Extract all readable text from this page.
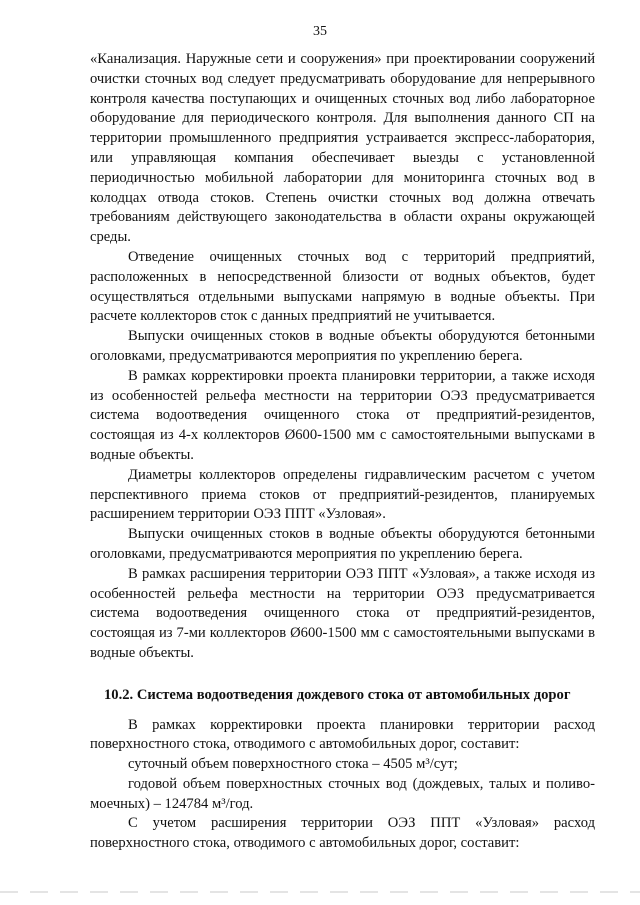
35

«Канализация. Наружные сети и сооружения» при проектировании сооружений очистки сточных вод следует предусматривать оборудование для непрерывного контроля качества поступающих и очищенных сточных вод либо лабораторное оборудование для периодического контроля. Для выполнения данного СП на территории промышленного предприятия устраивается экспресс-лаборатория, или управляющая компания обеспечивает выезды с установленной периодичностью мобильной лаборатории для мониторинга сточных вод в колодцах отвода стоков. Степень очистки сточных вод должна отвечать требованиям действующего законодательства в области охраны окружающей среды.

Отведение очищенных сточных вод с территорий предприятий, расположенных в непосредственной близости от водных объектов, будет осуществляться отдельными выпусками напрямую в водные объекты. При расчете коллекторов сток с данных предприятий не учитывается.

Выпуски очищенных стоков в водные объекты оборудуются бетонными оголовками, предусматриваются мероприятия по укреплению берега.

В рамках корректировки проекта планировки территории, а также исходя из особенностей рельефа местности на территории ОЭЗ предусматривается система водоотведения очищенного стока от предприятий-резидентов, состоящая из 4-х коллекторов Ø600-1500 мм с самостоятельными выпусками в водные объекты.

Диаметры коллекторов определены гидравлическим расчетом с учетом перспективного приема стоков от предприятий-резидентов, планируемых расширением территории ОЭЗ ППТ «Узловая».

Выпуски очищенных стоков в водные объекты оборудуются бетонными оголовками, предусматриваются мероприятия по укреплению берега.

В рамках расширения территории ОЭЗ ППТ «Узловая», а также исходя из особенностей рельефа местности на территории ОЭЗ предусматривается система водоотведения очищенного стока от предприятий-резидентов, состоящая из 7-ми коллекторов Ø600-1500 мм с самостоятельными выпусками в водные объекты.

10.2. Система водоотведения дождевого стока от автомобильных дорог

В рамках корректировки проекта планировки территории расход поверхностного стока, отводимого с автомобильных дорог, составит:

суточный объем поверхностного стока – 4505 м³/сут;

годовой объем поверхностных сточных вод (дождевых, талых и поливо-моечных) – 124784 м³/год.

С учетом расширения территории ОЭЗ ППТ «Узловая» расход поверхностного стока, отводимого с автомобильных дорог, составит:
